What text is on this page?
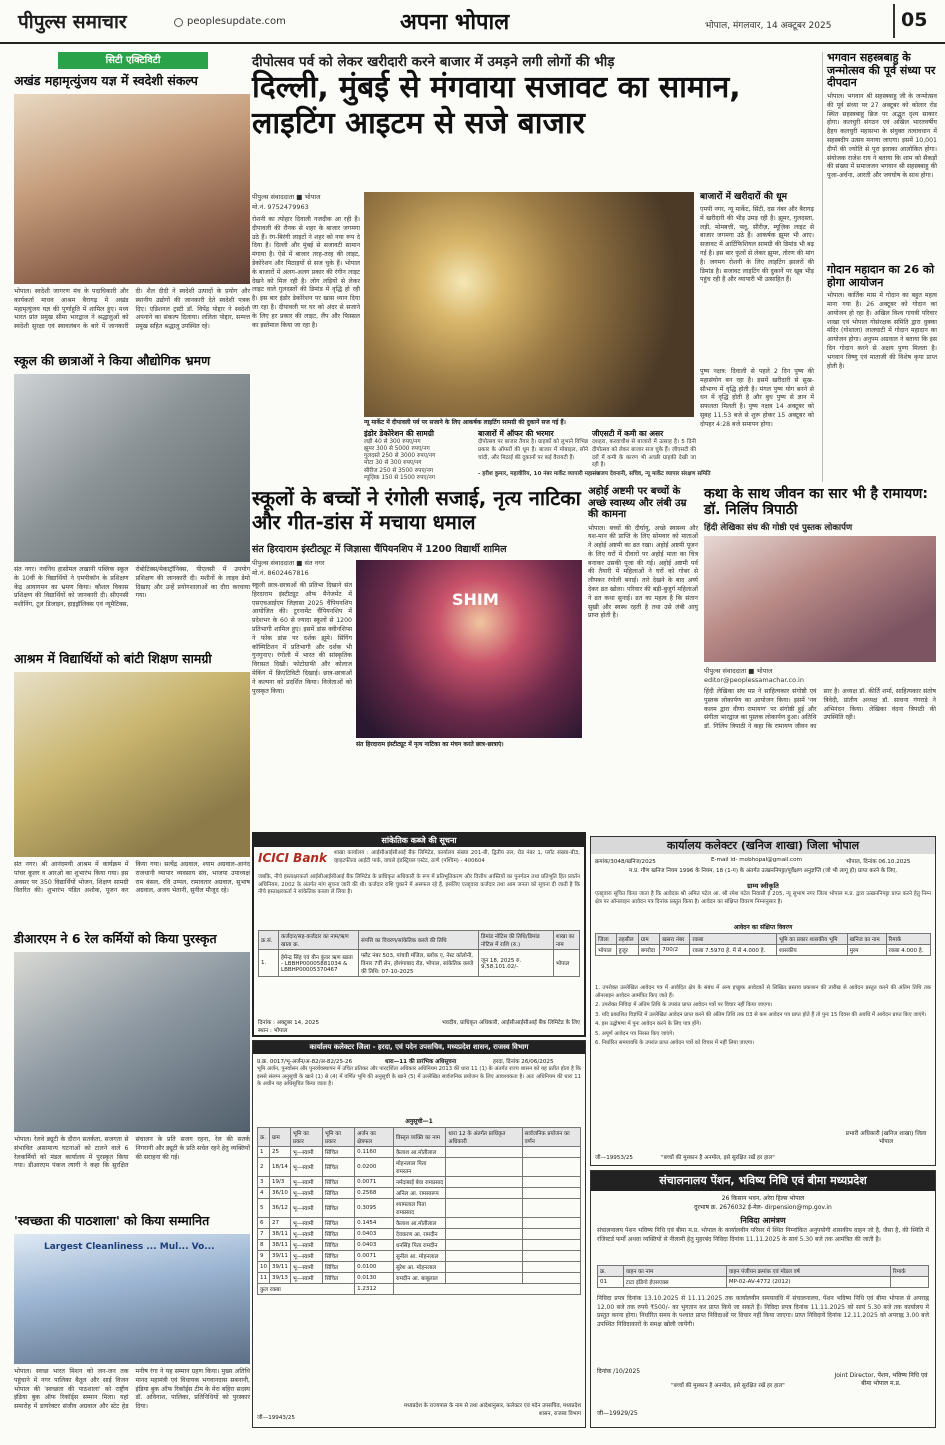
पीपुल्स समाचार	peoplesupdate.com	अपना भोपाल	भोपाल, मंगलवार, 14 अक्टूबर 2025	05
सिटी एक्टिविटी
अखंड महामृत्युंजय यज्ञ में स्वदेशी संकल्प
भोपाल। स्वदेशी जागरण मंच के पदाधिकारी और कार्यकर्ता माधव आश्रम बैरागढ़ में अखंड महामृत्युंजय यज्ञ की पूर्णाहुति में शामिल हुए। मध्य भारत प्रांत प्रमुख सीमा भारद्वाज ने श्रद्धालुओं को स्वदेशी सुरक्षा एवं स्वावलंबन के बारे में जानकारी दी। शैल दीदी ने स्वदेशी उत्पादों के प्रयोग और स्थानीय उद्योगों की जानकारी देते स्वदेशी पत्रक दिए। एडिशनल ट्रस्टी डॉ. विपेंद्र पोद्दार ने स्वदेशी अपनाने का संकल्प दिलाया। ललिता पोद्दार, सम्पत्त प्रमुख सहित श्रद्धालु उपस्थित रहे।
स्कूल की छात्राओं ने किया औद्योगिक भ्रमण
संत नगर। नवनिध हासोमल लखानी पब्लिक स्कूल के 10वीं के विद्यार्थियों ने एमपीकॉन के प्रशिक्षण केंद्र आवागमन का भ्रमण किया। कौशल विकास प्रशिक्षण की विद्यार्थियों को जानकारी दी। सीएनसी मशीनिंग, टूल डिजाइन, हाइड्रॉलिक्स एवं न्यूमैटिक्स, रोबोटिक्स/मेकाट्रॉनिक्स, पीएलसी में उपयोग प्रशिक्षण की जानकारी दी। मशीनों के लाइव डेमो दिखाए और उन्हें प्रयोगशालाओं का दौरा करवाया गया।
आश्रम में विद्यार्थियों को बांटी शिक्षण सामग्री
संत नगर। श्री आनंदमयी आश्रम में कार्यक्रम में पांचर कूलर व आरओ का शुभारंभ किया गया। इस अवसर पर 350 विद्यार्थियों भोजन, शिक्षण सामग्री वितरित की। शुभारंभ पंडित अशोक, पूजन कर किया गया। सत्येंद्र अग्रवाल, श्याम अग्रवाल-आनंद राजधानी व्यापार व्यवसाय संघ, भाजपा उपाध्यक्ष राम बंसल, रवि उप्पल, रामावतार अग्रवाल, सुभाष अग्रवाल, अजय भेतानी, सुनील मौजूद रहे।
डीआरएम ने 6 रेल कर्मियों को किया पुरस्कृत
भोपाल। रेलवे ड्यूटी के दौरान सतर्कता, सजगता से संभावित असामान्य घटनाओं को टालने वाले 6 रेलकर्मियों को मंडल कार्यालय में पुरस्कृत किया गया। डीआरएम पंकज त्यागी ने कहा कि सुरक्षित संचालन के प्रति सजग रहना, रेल की सतर्क निगरानी और ड्यूटी के प्रति सचेत रहने हेतु व्यक्तियों की सराहना की गई।
'स्वच्छता की पाठशाला' को किया सम्मानित
Largest Cleanliness ... Mul... Vo...
भोपाल। स्वच्छ भारत मिशन को जन-जन तक पहुंचाने में नगर पालिका बैतूल और साई विजन भोपाल की 'स्वच्छता की पाठशाला' को राष्ट्रीय इंडिया बुक ऑफ रिकॉर्ड्स सम्मान मिला। यहां समारोह में डायरेक्टर संजीव अग्रवाल और स्टेट हेड मनीष रंगा ने यह सम्मान ग्रहण किया। मुख्य अतिथि मानद महामंत्री एवं विधायक भगवानदास सबनानी, इंडिया बुक ऑफ रिकॉर्ड्स टीम के मेरा बहिरा सदस्य डॉ. अविनाश, पालिका, प्रतिनिधियों को पुरस्कार दिया।
दीपोत्सव पर्व को लेकर खरीदारी करने बाजार में उमड़ने लगी लोगों की भीड़
दिल्ली, मुंबई से मंगवाया सजावट का सामान, लाइटिंग आइटम से सजे बाजार
पीपुल्स संवाददाता ■ भोपाल
मो.नं. 9752479963
रोशनी का त्योहार दिवाली नजदीक आ रही है। दीपावली की रौनक से शहर के बाजार जगमगा उठे हैं। रंग-बिरंगी लाइटों ने शहर को नया रूप दे दिया है। दिल्ली और मुंबई से सजावटी सामान मंगाया है। ऐसे में बाजार तरह-तरह की लाइट, डेकोरेशन और मिठाइयों से सज चुके हैं। भोपाल के बाजारों में अलग-अलग प्रकार की रंगीन लाइट देखने को मिल रही है। लोग लड़ियों से लेकर लाइट वाले गुलदस्तों की डिमांड में वृद्धि हो रही है। इस बार इंडोर डेकोरेशन पर खास ध्यान दिया जा रहा है। दीपावली पर घर को अंदर से सजाने के लिए हर प्रकार की लाइट, लैंप और फिस्सल का इस्तेमाल किया जा रहा है।
न्यू मार्केट में दीपावली पर्व पर सजाने के लिए आकर्षक लाइटिंग सामग्री की दुकानें सज गई हैं।
बाजारों में खरीदारों की धूम
एमपी नगर, न्यू मार्केट, सिंटी, दस नंबर और बैरागढ़ में खरीदारी की भीड़ उमड़ रही है। झूमर, गुलदस्ता, लड़ी, मोमबत्ती, फ्लू, सीरीज़, म्यूज़िक लाइट से बाजार जगमगा उठे हैं। आकर्षक झूमर भी आए। सजावट में आर्टिफिशियल सामग्री की डिमांड भी बढ़ गई है। इस बार फूलों से लेकर झूमर, तोरण की मांग है। जगमग रोशनी के लिए लाइटिंग झालरों की डिमांड है। सजावट लाइटिंग की दुकानें पर खूब भीड़ पहुंच रही है और व्यापारी भी उत्साहित हैं।
पुष्य नक्षत्र: दिवाली से पहले 2 दिन पुष्य की महासंयोग बन रहा है। इसमें खरीदारी से सुख-सौभाग्य में वृद्धि होती है। मंगल पुष्य योग बनने से धन में वृद्धि होती है और बुध पुष्य से ज्ञान में सफलता मिलती है। पुष्य नक्षत्र 14 अक्टूबर को सुबह 11.53 बजे से शुरू होकर 15 अक्टूबर को दोपहर 4:28 बजे समापन होगा।
इंडोर डेकोरेशन की सामग्री
लड़ी 40 से 300 रुपए/नग
झूमर 300 से 5000 रुपए/नग
गुलदस्ते 250 से 3000 रुपए/नग
मोटा 30 से 300 रुपए/नग
सीरीज 250 से 3500 रुपए/नग
म्यूज़िक 150 से 1500 रुपए/नग
बाजारों में ऑफर की भरमार
दीपोत्सव पर बाजार तैयार है। ग्राहकों को लुभाने विभिन्न प्रकार के ऑफरों की धूम है। बाजार में मोबाइल, सोने चांदी, और मिठाई की दुकानों पर कई वैरायटी हैं।
- हरीश कुमार, महावीरिय, 10 नंबर मार्केट व्यापारी महासंघ
जीएसटी में कमी का असर
दशहरा, करवाचौथ से बाजारों में उत्साह है। 5 दिनी दीपोत्सव को लेकर बाजार सज चुके हैं। जीएसटी की दरों में कमी के कारण भी अच्छी ग्राहकी देखी जा रही है।
- अजय देवनानी, सचिव, न्यू मार्केट व्यापार संरक्षण समिति
भगवान सहस्त्रबाहु के जन्मोत्सव की पूर्व संध्या पर दीपदान
भोपाल। भगवान श्री सहस्त्रबाहु जी के जन्मोत्सव की पूर्व संध्या पर 27 अक्टूबर को कोलार रोड स्थित सहस्त्रबाहु ब्रिज पर अद्भुत दृश्य साकार होगा। कलचुरी संगठन एवं अखिल भारतवर्षीय हैहय कलचुरी महासभा के संयुक्त तत्वावधान में सहस्त्रदीप उत्सव मनाया जाएगा। इसमें 10,001 दीपों की ज्योति से पूरा इलाका आलोकित होगा। संयोजक राजेश राय ने बताया कि शाम को सैकड़ों की संख्या में समाजजन भगवान श्री सहस्त्रबाहु की पूजा-अर्चना, आरती और जयघोष के साथ होगा।
गोदान महादान का 26 को होगा आयोजन
भोपाल। कार्तिक मास में गोदान का बहुत महत्व माना गया है। 26 अक्टूबर को गोदान का आयोजन हो रहा है। अखिल विश्व गायत्री परिवार शाखा एवं भोपाल गोसंरक्षक समिति द्वारा धुक्का मंदिर (गोशाला) लालघाटी में गोदान महादान का आयोजन होगा। अनुपम अग्रवाल ने बताया कि इस दिन गोदान करने से अक्षय पुण्य मिलता है। भगवान विष्णु एवं माताजी की विशेष कृपा प्राप्त होती है।
स्कूलों के बच्चों ने रंगोली सजाई, नृत्य नाटिका और गीत-डांस में मचाया धमाल
संत हिरदाराम इंस्टीट्यूट में जिज्ञासा चैंपियनशिप में 1200 विद्यार्थी शामिल
पीपुल्स संवाददाता ■ संत नगर
मो.नं. 8602467816
स्कूली छात्र-छात्राओं की प्रतिभा दिखाने संत हिरदाराम इंस्टीट्यूट ऑफ मैनेजमेंट में एसएचआईएम जिज्ञासा 2025 चैंपियनशिप आयोजित की। टूरनामेंट चैंपियनशिप में प्रदेशभर के 60 से ज्यादा स्कूलों से 1200 प्रतिभागी शामिल हुए। इसमें डांस क्वीनशिप्स ने फोक डांस पर दर्शक झूमे। सिंगिंग कॉम्पिटिशन में प्रतिभागी और दर्शक भी गुनगुनाए। रंगोली में भारत की सांस्कृतिक विरासत दिखी। फोटोग्राफी और कोलाज मेकिंग में क्रिएटिविटी दिखाई। छात्र-छात्राओं ने कल्पना को प्रदर्शित किया। विजेताओं को पुरस्कृत किया।
SHIM
संत हिरदाराम इंस्टीट्यूट में नृत्य नाटिका का मंचन करते छात्र-छात्राएं।
अहोई अष्टमी पर बच्चों के अच्छे स्वास्थ्य और लंबी उम्र की कामना
भोपाल। बच्चों की दीर्घायु, अच्छे स्वास्थ्य और यश-मान की प्राप्ति के लिए सोमवार को माताओं ने अहोई अष्टमी का व्रत रखा। अहोई अष्टमी पूजन के लिए घरों में दीवारों पर अहोई माता का चित्र बनाकर उसकी पूजा की गई। अहोई अष्टमी पर्व की तैयारी में महिलाओं ने घरों को गोबर से लीपकर रंगोली बनाई। तारे देखने के बाद अर्घ्य देकर व्रत खोला। परिवार की बड़ी-बुजुर्ग महिलाओं ने व्रत कथा सुनाई। व्रत का महत्व है कि संतान सुखी और स्वस्थ रहती है तथा उसे लंबी आयु प्राप्त होती है।
कथा के साथ जीवन का सार भी है रामायण: डॉ. निलिंप त्रिपाठी
हिंदी लेखिका संघ की गोष्ठी एवं पुस्तक लोकार्पण
पीपुल्स संवाददाता ■ भोपाल
editor@peoplessamachar.co.in
हिंदी लेखिका संघ मप्र ने साहित्यकार संगोष्ठी एवं पुस्तक लोकार्पण का आयोजन किया। इसमें 'नव कलम द्वारा वीणा रामायण' पर संगोष्ठी हुई और संगीता भारद्वाज का पुस्तक लोकार्पण हुआ। अतिथि डॉ. निलिंप त्रिपाठी ने कहा कि रामायण जीवन का सार है। अध्यक्ष डॉ. कीर्ति शर्मा, साहित्यकार संतोष त्रिवेदी, प्रांतीय अध्यक्ष डॉ. साधना गंगराड़े ने अभिनंदन किया। लेखिका वंदना त्रिपाठी की उपस्थिति रही।
सांकेतिक कब्जे की सूचना
ICICI Bank शाखा कार्यालय : आईसीआईसीआई बैंक लिमिटेड, कार्यालय संख्या 201-बी, द्वितीय तल, रोड नंबर 1, प्लॉट संख्या-बी3, व्हाइटफील्ड आईटी पार्क, वाघले इंडस्ट्रियल एस्टेट, ठाणे (पश्चिम) - 400604
जबकि, नीचे हस्ताक्षरकर्ता आईसीआईसीआई बैंक लिमिटेड के प्राधिकृत अधिकारी के रूप में प्रतिभूतिकरण और वित्तीय आस्तियों का पुनर्गठन तथा प्रतिभूति हित प्रवर्तन अधिनियम, 2002 के अंतर्गत मांग सूचना जारी की थी। कर्जदार राशि चुकाने में असफल रहे हैं, इसलिए एतद्द्वारा कर्जदार तथा आम जनता को सूचना दी जाती है कि नीचे हस्ताक्षरकर्ता ने सांकेतिक कब्जा ले लिया है।
क्र.सं.	कर्जदार/सह-कर्जदार का नाम/ऋण खाता क्र.	संपत्ति का विवरण/सांकेतिक कब्जे की तिथि	डिमांड नोटिस की तिथि/डिमांड नोटिस में राशि (रु.)	शाखा का नाम
1.	हेमेन्द्र सिंह एवं यीन कुंवर ऋण खाता - LBBHP00005881034 & LBBHP00005370467	फ्लैट नंबर 503, पांचवी मंजिल, ब्लॉक ए, नेस्ट कॉलोनी, विनार 7वीं लेन, होशंगाबाद रोड, भोपाल, सांकेतिक कब्जे की तिथि: 07-10-2025	जून 18, 2025 रु. 9,58,101.02/-	भोपाल
दिनांक : अक्टूबर 14, 2025
स्थान : भोपाल
भवदीय, प्राधिकृत अधिकारी, आईसीआईसीआई बैंक लिमिटेड के लिए
कार्यालय कलेक्टर जिला - हरदा, एवं पदेन उपसचिव, मध्यप्रदेश शासन, राजस्व विभाग
प्र.क्र. 0017/भू-अर्जन/अ-82/अ-82/25-26	धारा—11 की प्रारंभिक अधिसूचना	हरदा, दिनांक 26/06/2025
भूमि अर्जन, पुनर्वासन और पुनर्व्यवस्थापन में उचित प्रतिकर और पारदर्शिता अधिकार अधिनियम 2013 की धारा 11 (1) के अंतर्गत राज्य शासन को यह प्रतीत होता है कि इससे संलग्न अनुसूची के खाने (1) से (4) में वर्णित भूमि की अनुसूची के खाने (5) में उल्लेखित सार्वजनिक प्रयोजन के लिए आवश्यकता है। अतः अधिनियम की धारा 11 के अधीन यह अधिसूचित किया जाता है।
अनुसूची—1
क्र.	ग्राम	भूमि का प्रकार	भूमि का प्रकार	अर्जन का क्षेत्रफल	विस्तृत व्यक्ति का नाम	धारा 12 के अंतर्गत प्राधिकृत अधिकारी	सार्वजनिक प्रयोजन का वर्णन
1	25	भू—स्वामी	सिंचित	0.1160	कैलाश आ.मोतीलाल		
2	18/14	भू—स्वामी	सिंचित	0.0200	मोहनलाल पिता रामरतन		
3	19/3	भू—स्वामी	सिंचित	0.0071	नर्मदाबाई बेवा रामप्रसाद		
4	36/10	भू—स्वामी	सिंचित	0.2568	अनिल आ. रामस्वरूप		
5	36/12	भू—स्वामी	सिंचित	0.3095	श्यामलाल पिता रामप्रसाद		
6	27	भू—स्वामी	सिंचित	0.1454	कैलाश आ.मोतीलाल		
7	38/11	भू—स्वामी	सिंचित	0.0403	देवकरण आ. रामदीन		
8	38/11	भू—स्वामी	सिंचित	0.0403	धनसिंह पिता रामदीन		
9	39/11	भू—स्वामी	सिंचित	0.0071	सुनील आ. मोहनलाल		
10	39/11	भू—स्वामी	सिंचित	0.0100	सुरेश आ. मोहनलाल		
11	39/13	भू—स्वामी	सिंचित	0.0130	रामदीन आ. बाबूलाल		
कुल रकबा				1.2312			
जी—19943/25
मध्यप्रदेश के राज्यपाल के नाम से तथा आदेशानुसार, कलेक्टर एवं पदेन उपसचिव, मध्यप्रदेश शासन, राजस्व विभाग
कार्यालय कलेक्टर (खनिज शाखा) जिला भोपाल
क्रमांक/3048/खनिज/2025	E-mail id- mobhopal@gmail.com	भोपाल, दिनांक 06.10.2025
म.प्र. गौण खनिज नियम 1996 के नियम, 18 (1-ग) के अंतर्गत उत्खननिपट्टा/पूर्वेक्षण अनुज्ञप्ति (जो भी लागू हो) प्राप्त करने के लिए,
ग्राम्य स्वीकृति
एतद्द्वारा सूचित किया जाता है कि आवेदक श्री अमित पटेल आ. श्री रमेश पटेल निवासी ई 205, न्यू सुभाष नगर जिला भोपाल म.प्र. द्वारा उत्खननिपट्टा प्राप्त करने हेतु निम्न क्षेत्र पर ऑनलाइन आवेदन पत्र दिनांक प्रस्तुत किया है। आवेदन का संक्षिप्त विवरण निम्नानुसार है।
आवेदन का संक्षिप्त विवरण
जिला	तहसील	ग्राम	खसरा नंबर	रकबा	भूमि का प्रकार शासकीय भूमि	खनिज का नाम	रिमार्क
भोपाल	हुजूर	बगरोदा	700/2	रकबा 7.5970 हे. में से 4.000 हे.	शासकीय	मुरम	रकबा 4.000 हे.
1. उपरोक्त उल्लेखित आवेदन पत्र में आवेदित क्षेत्र के संबंध में अन्य इच्छुक आवेदकों से लिखित प्रस्ताव प्रकाशन की तारीख से आवेदन प्रस्तुत करने की अंतिम तिथि तक ऑनलाइन आवेदन आमंत्रित किए जाते हैं।
2. उपरोक्त निविदा में अंतिम तिथि के उपरांत प्राप्त आवेदन पत्रों पर विचार नहीं किया जाएगा।
3. यदि प्रकाशित विज्ञप्ति में उल्लेखित आवेदन प्राप्त करने की अंतिम तिथि तक 03 से कम आवेदन पत्र प्राप्त होते हैं तो पुनः 15 दिवस की अवधि में आवेदन प्राप्त किए जाएंगे।
4. इस उद्घोषणा में पुनः आवेदन करने के लिए पात्र होंगे।
5. अपूर्ण आवेदन पत्र निरस्त किए जाएंगे।
6. निर्धारित समयावधि के उपरांत प्राप्त आवेदन पत्रों को विचार में नहीं लिया जाएगा।
जी—19953/25	"बच्चों की मुस्कान है अनमोल, इसे सुरक्षित रखें हर हाल"
प्रभारी अधिकारी (खनिज शाखा) जिला भोपाल
संचालनालय पेंशन, भविष्य निधि एवं बीमा मध्यप्रदेश
26 किसान भवन, अरेरा हिल्स भोपाल
दूरभाष क्र. 2676032 ई-मेल- dirpension@mp.gov.in
निविदा आमंत्रण
संचालनालय पेंशन भविष्य निधि एवं बीमा म.प्र. भोपाल के कार्यालयीन परिसर में स्थित निम्नांकित अनुपयोगी शासकीय वाहन जो है, जैसा है, की स्थिति में रजिस्टर्ड फर्मों अथवा व्यक्तियों से नीलामी हेतु मुहरबंद निविदा दिनांक 11.11.2025 के सायं 5.30 बजे तक आमंत्रित की जाती है।
क्र.	वाहन का नाम	वाहन पंजीयन क्रमांक एवं मॉडल वर्ष	रिमार्क
01	टाटा इंडिगो ईएसएक्स	MP-02-AV-4772 (2012)	
निविदा प्रपत्र दिनांक 13.10.2025 से 11.11.2025 तक कार्यालयीन समयावधि में संचालनालय, पेंशन भविष्य निधि एवं बीमा भोपाल से अपराह्न 12.00 बजे तक रुपये ₹500/- का भुगतान कर प्राप्त किये जा सकते हैं। निविदा प्रपत्र दिनांक 11.11.2025 को सायं 5.30 बजे तक कार्यालय में प्रस्तुत करना होगा। निर्धारित समय के पश्चात प्राप्त निविदाओं पर विचार नहीं किया जाएगा। प्राप्त निविदायें दिनांक 12.11.2025 को अपराह्न 3.00 बजे उपस्थित निविदाकारों के समक्ष खोली जायेंगी।
दिनांक /10/2025
"बच्चों की मुस्कान है अनमोल, इसे सुरक्षित रखें हर हाल"
जी—19929/25
Joint Director, पेंशन, भविष्य निधि एवं बीमा भोपाल म.प्र.
